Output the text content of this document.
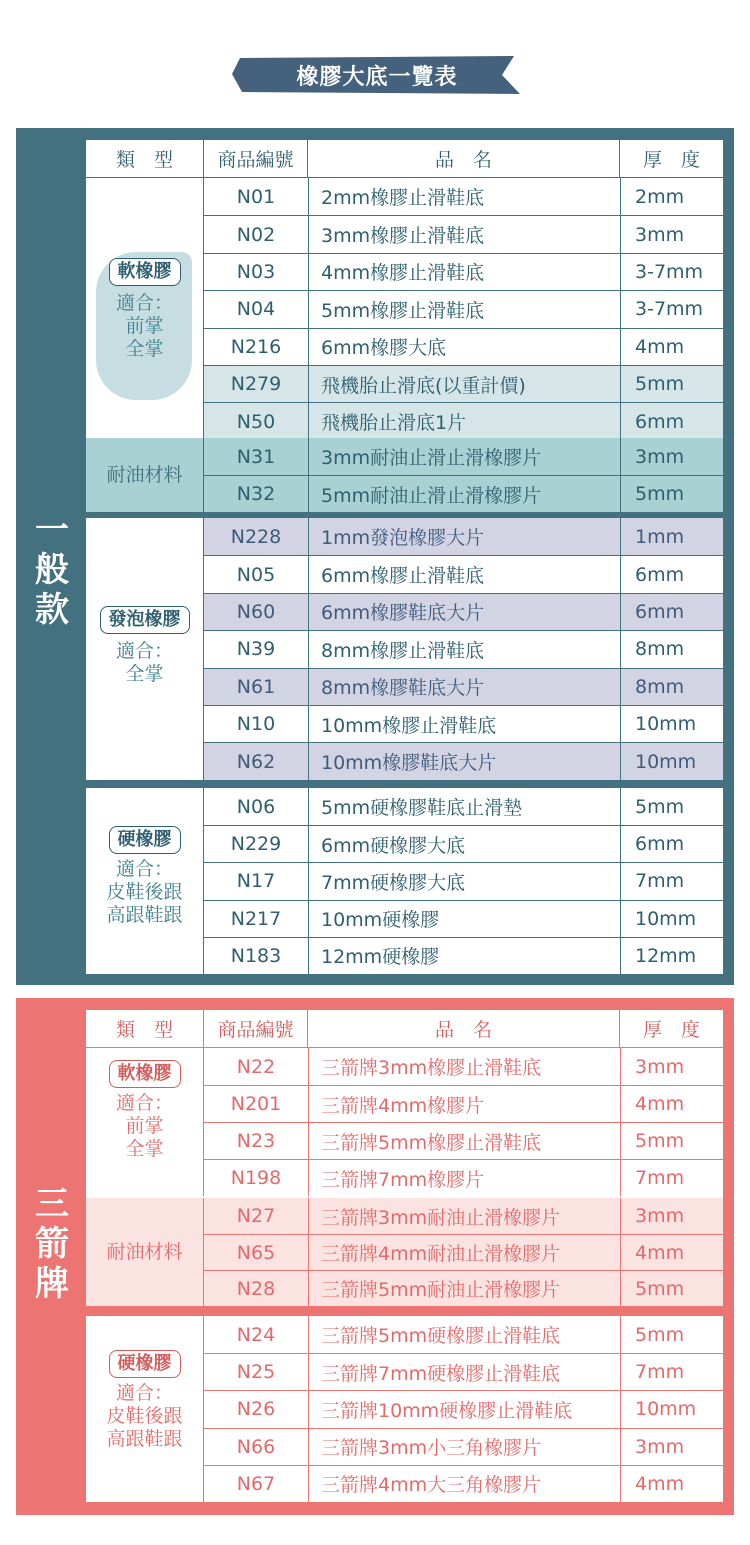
橡膠大底一覽表
一
般
款
類　型	商品編號	品　名	厚　度
軟橡膠
適合：
前掌
全掌
N01	2mm橡膠止滑鞋底	2mm
N02	3mm橡膠止滑鞋底	3mm
N03	4mm橡膠止滑鞋底	3-7mm
N04	5mm橡膠止滑鞋底	3-7mm
N216	6mm橡膠大底	4mm
N279	飛機胎止滑底(以重計價)	5mm
N50	飛機胎止滑底1片	6mm
耐油材料
N31	3mm耐油止滑止滑橡膠片	3mm
N32	5mm耐油止滑止滑橡膠片	5mm
發泡橡膠
適合：
全掌
N228	1mm發泡橡膠大片	1mm
N05	6mm橡膠止滑鞋底	6mm
N60	6mm橡膠鞋底大片	6mm
N39	8mm橡膠止滑鞋底	8mm
N61	8mm橡膠鞋底大片	8mm
N10	10mm橡膠止滑鞋底	10mm
N62	10mm橡膠鞋底大片	10mm
硬橡膠
適合：
皮鞋後跟
高跟鞋跟
N06	5mm硬橡膠鞋底止滑墊	5mm
N229	6mm硬橡膠大底	6mm
N17	7mm硬橡膠大底	7mm
N217	10mm硬橡膠	10mm
N183	12mm硬橡膠	12mm
三
箭
牌
類　型	商品編號	品　名	厚　度
軟橡膠
適合：
前掌
全掌
N22	三箭牌3mm橡膠止滑鞋底	3mm
N201	三箭牌4mm橡膠片	4mm
N23	三箭牌5mm橡膠止滑鞋底	5mm
N198	三箭牌7mm橡膠片	7mm
耐油材料
N27	三箭牌3mm耐油止滑橡膠片	3mm
N65	三箭牌4mm耐油止滑橡膠片	4mm
N28	三箭牌5mm耐油止滑橡膠片	5mm
硬橡膠
適合：
皮鞋後跟
高跟鞋跟
N24	三箭牌5mm硬橡膠止滑鞋底	5mm
N25	三箭牌7mm硬橡膠止滑鞋底	7mm
N26	三箭牌10mm硬橡膠止滑鞋底	10mm
N66	三箭牌3mm小三角橡膠片	3mm
N67	三箭牌4mm大三角橡膠片	4mm
